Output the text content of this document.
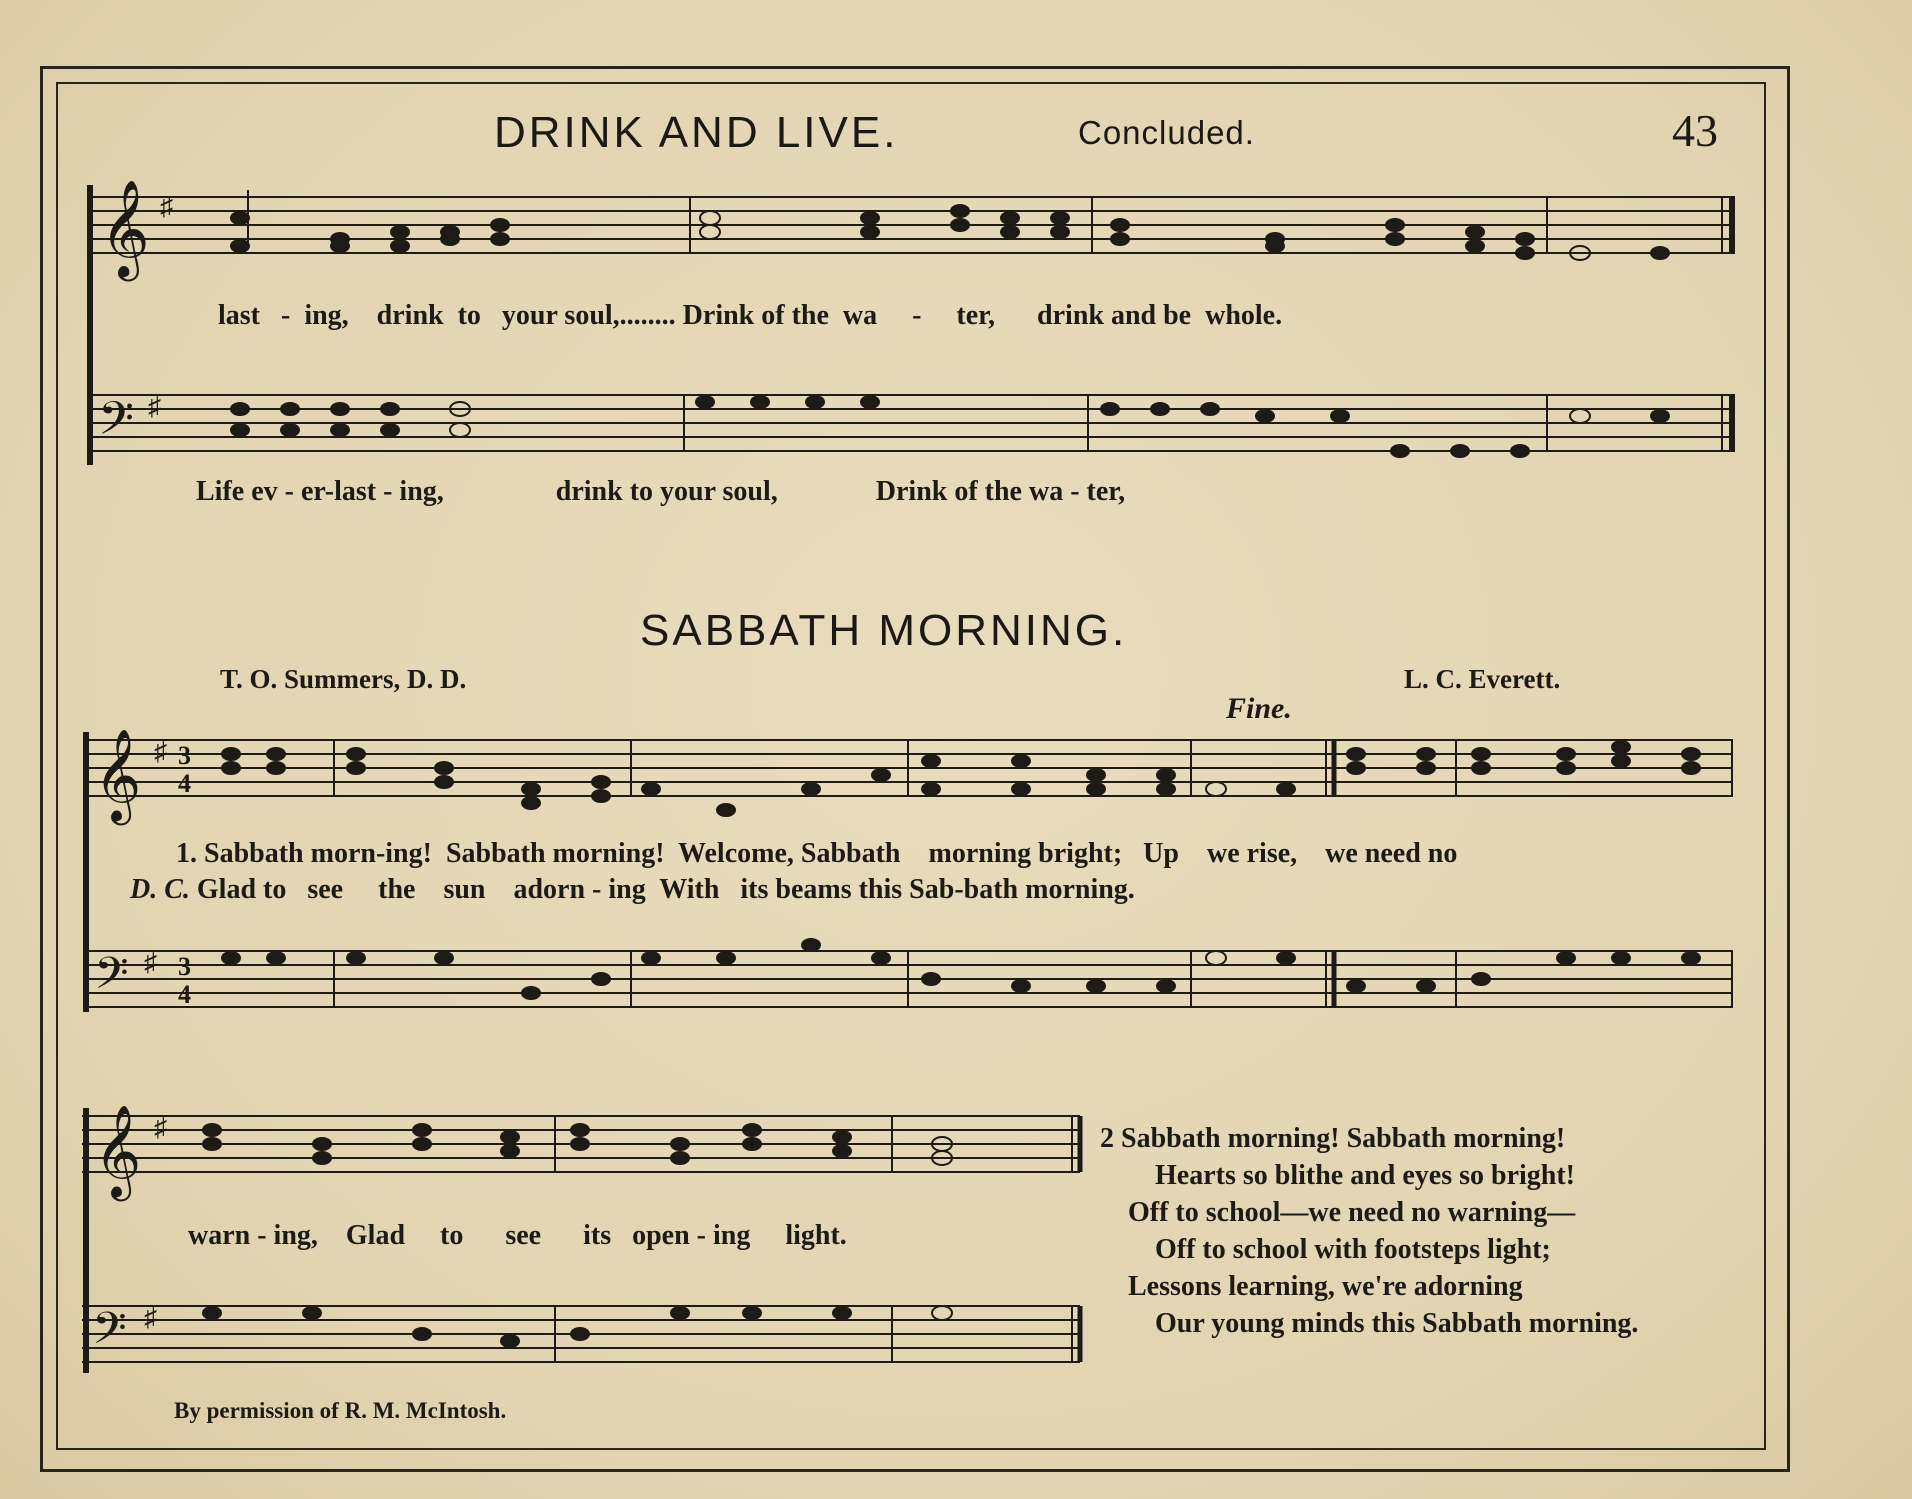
DRINK AND LIVE.	Concluded.	43
𝄞 ♯
last   -  ing,    drink  to   your soul,........ Drink of the  wa     -     ter,      drink and be  whole.
𝄢 ♯
Life ev - er-last - ing,                drink to your soul,              Drink of the wa - ter,
SABBATH MORNING.
T. O. Summers, D. D.	L. C. Everett.
Fine.
𝄞 ♯ 3
4
1. Sabbath morn-ing!  Sabbath morning!  Welcome, Sabbath    morning bright;   Up    we rise,    we need no
D. C. Glad to   see     the    sun    adorn - ing  With   its beams this Sab-bath morning.
𝄢 ♯ 3
4
𝄞 ♯
warn - ing,    Glad     to      see      its   open - ing     light.
𝄢 ♯
2 Sabbath morning! Sabbath morning!
Hearts so blithe and eyes so bright!
Off to school—we need no warning—
Off to school with footsteps light;
Lessons learning, we're adorning
Our young minds this Sabbath morning.
By permission of R. M. McIntosh.
